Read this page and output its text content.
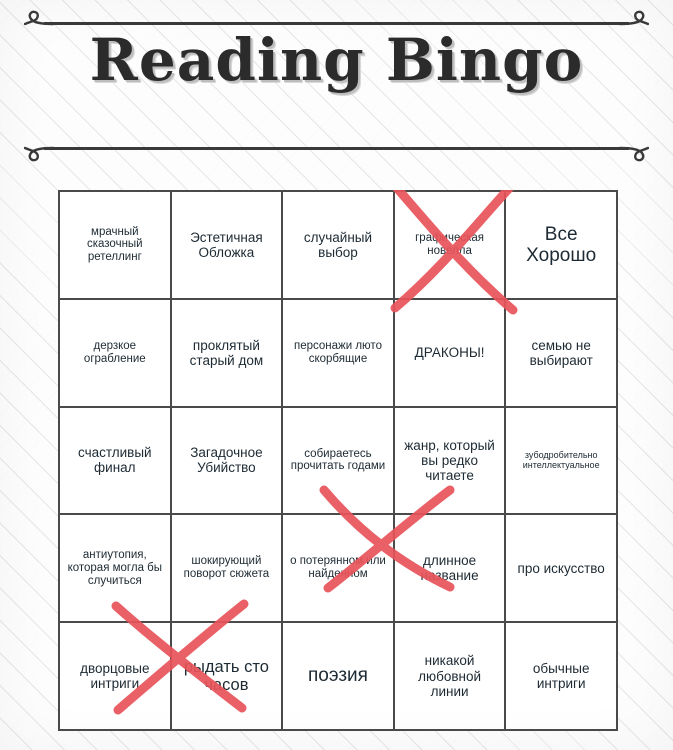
Reading Bingo
мрачный сказочный ретеллинг	Эстетичная Обложка	случайный выбор	графическая новелла	Все Хорошо

дерзкое ограбление	проклятый старый дом	персонажи люто скорбящие	ДРАКОНЫ!	семью не выбирают

счастливый финал	Загадочное Убийство	собираетесь прочитать годами	жанр, который вы редко читаете	зубодробительно интеллектуальное

антиутопия, которая могла бы случиться	шокирующий поворот сюжета	о потерянном или найденном	длинное название	про искусство

дворцовые интриги	рыдать сто часов	поэзия	никакой любовной линии	обычные интриги
